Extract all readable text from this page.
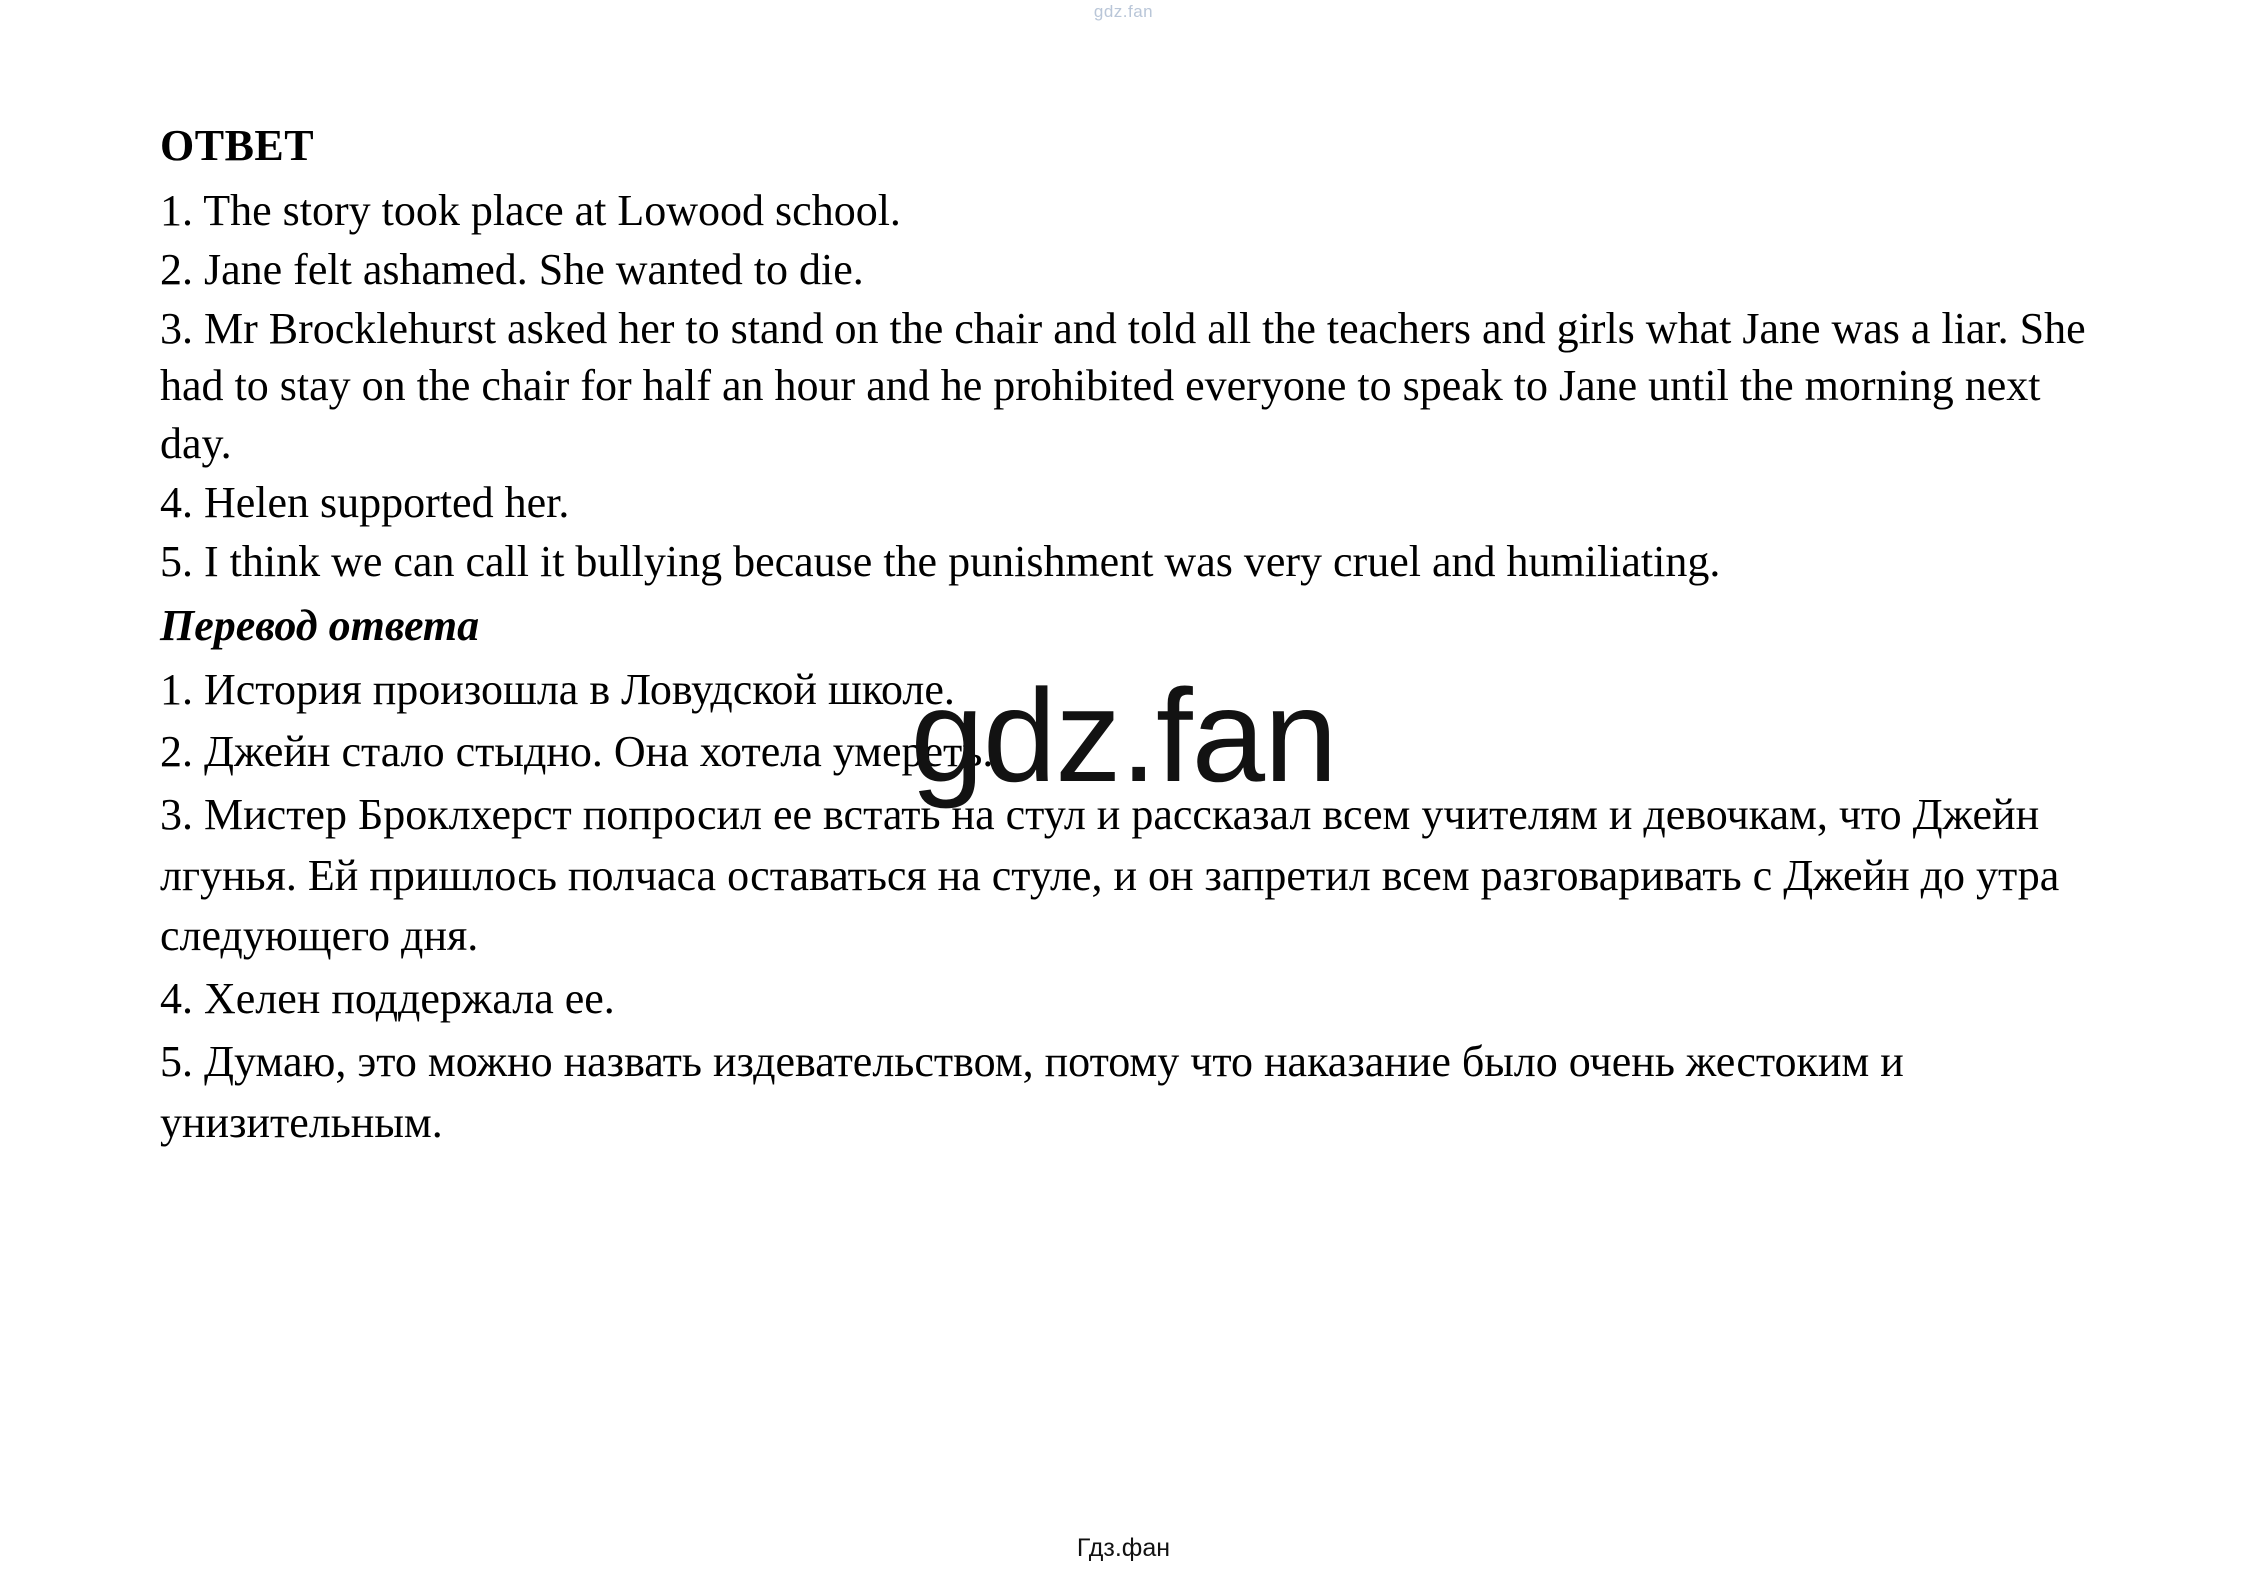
gdz.fan
ОТВЕТ

1. The story took place at Lowood school.

2. Jane felt ashamed. She wanted to die.

3. Mr Brocklehurst asked her to stand on the chair and told all the teachers and girls what Jane was a liar. She had to stay on the chair for half an hour and he prohibited everyone to speak to Jane until the morning next day.

4. Helen supported her.

5. I think we can call it bullying because the punishment was very cruel and humiliating.

Перевод ответа

1. История произошла в Ловудской школе.

2. Джейн стало стыдно. Она хотела умереть.

3. Мистер Броклхерст попросил ее встать на стул и рассказал всем учителям и девочкам, что Джейн лгунья. Ей пришлось полчаса оставаться на стуле, и он запретил всем разговаривать с Джейн до утра следующего дня.

4. Хелен поддержала ее.

5. Думаю, это можно назвать издевательством, потому что наказание было очень жестоким и унизительным.

gdz.fan
Гдз.фан
